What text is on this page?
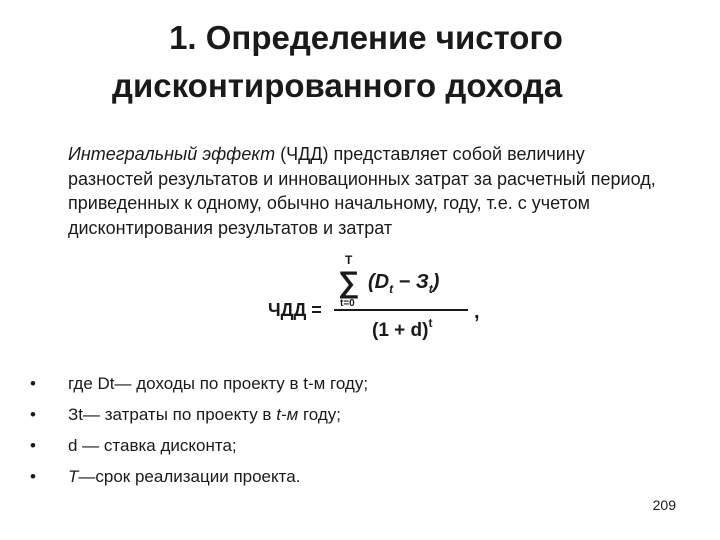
1. Определение чистого
дисконтированного дохода
Интегральный эффект (ЧДД) представляет собой величину разностей результатов и инновационных затрат за расчетный период, приведенных к одному, обычно начальному, году, т.е. с учетом дисконтирования результатов и затрат
ЧДД =
T
∑
t=0
$(D_t - З_t)$
$(1 + d)^t$ ,
• где Dt— доходы по проекту в t-м году;
• Зt— затраты по проекту в t-м году;
• d — ставка дисконта;
• T—срок реализации проекта.
209
